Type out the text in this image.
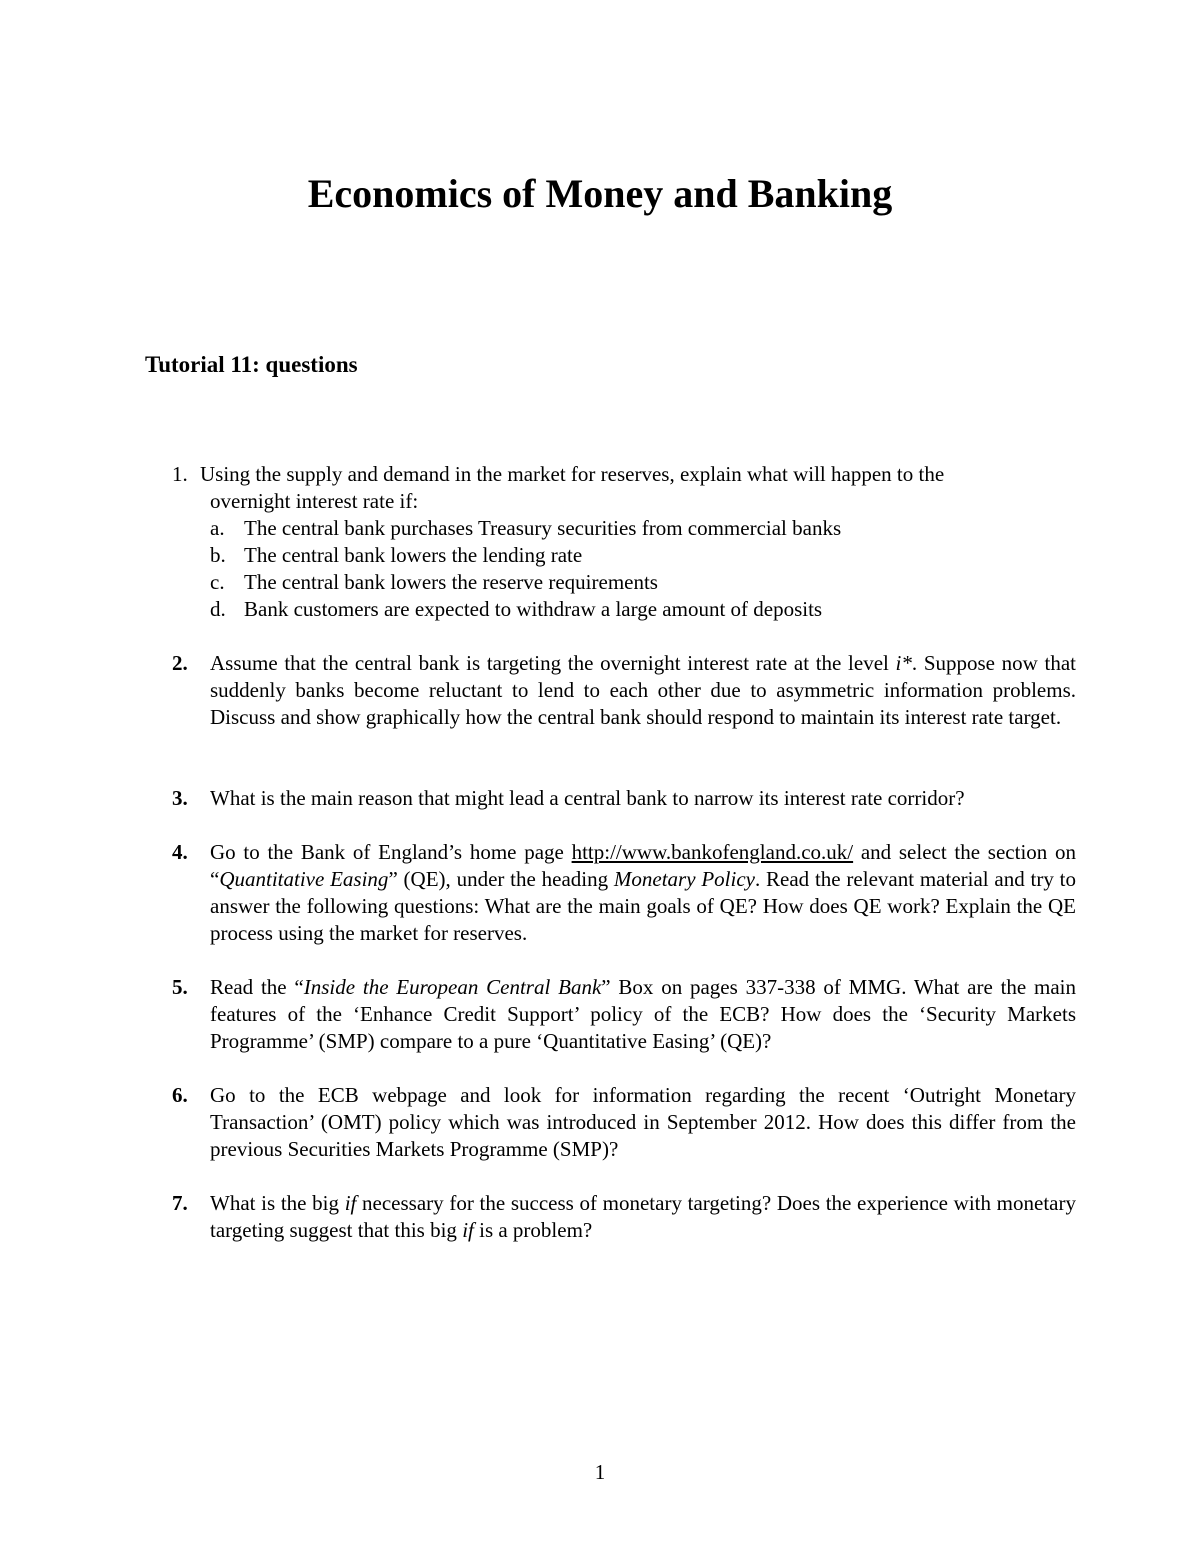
Economics of Money and Banking
Tutorial 11: questions
1. Using the supply and demand in the market for reserves, explain what will happen to the
overnight interest rate if:
a. The central bank purchases Treasury securities from commercial banks
b. The central bank lowers the lending rate
c. The central bank lowers the reserve requirements
d. Bank customers are expected to withdraw a large amount of deposits
2. Assume that the central bank is targeting the overnight interest rate at the level i*. Suppose now that suddenly banks become reluctant to lend to each other due to asymmetric information problems. Discuss and show graphically how the central bank should respond to maintain its interest rate target.
3. What is the main reason that might lead a central bank to narrow its interest rate corridor?
4. Go to the Bank of England’s home page http://www.bankofengland.co.uk/ and select the section on “Quantitative Easing” (QE), under the heading Monetary Policy. Read the relevant material and try to answer the following questions: What are the main goals of QE? How does QE work? Explain the QE process using the market for reserves.
5. Read the “Inside the European Central Bank” Box on pages 337-338 of MMG. What are the main features of the ‘Enhance Credit Support’ policy of the ECB? How does the ‘Security Markets Programme’ (SMP) compare to a pure ‘Quantitative Easing’ (QE)?
6. Go to the ECB webpage and look for information regarding the recent ‘Outright Monetary Transaction’ (OMT) policy which was introduced in September 2012. How does this differ from the previous Securities Markets Programme (SMP)?
7. What is the big if necessary for the success of monetary targeting? Does the experience with monetary targeting suggest that this big if is a problem?
1
